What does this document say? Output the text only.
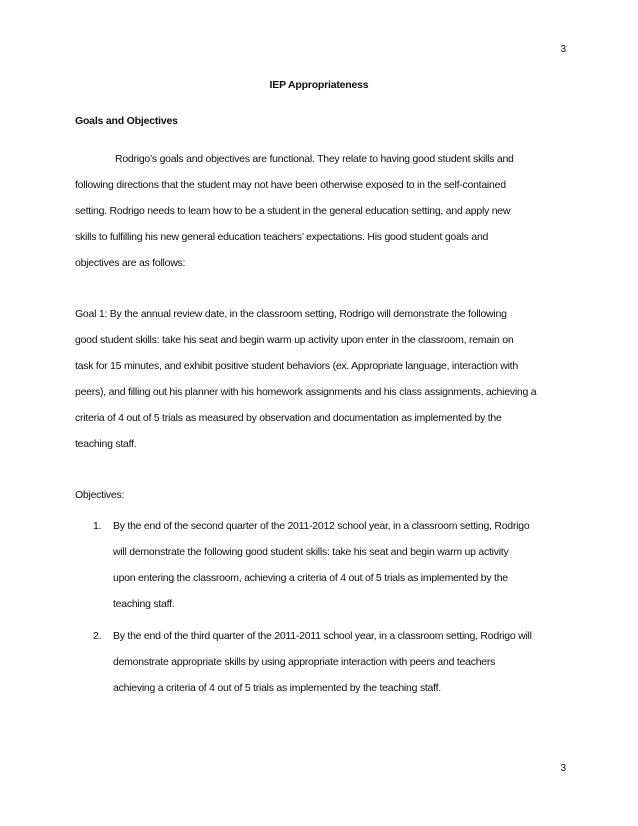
3
IEP Appropriateness
Goals and Objectives
Rodrigo’s goals and objectives are functional. They relate to having good student skills and
following directions that the student may not have been otherwise exposed to in the self-contained
setting. Rodrigo needs to learn how to be a student in the general education setting, and apply new
skills to fulfilling his new general education teachers’ expectations. His good student goals and
objectives are as follows:
Goal 1: By the annual review date, in the classroom setting, Rodrigo will demonstrate the following
good student skills: take his seat and begin warm up activity upon enter in the classroom, remain on
task for 15 minutes, and exhibit positive student behaviors (ex. Appropriate language, interaction with
peers), and filling out his planner with his homework assignments and his class assignments, achieving a
criteria of 4 out of 5 trials as measured by observation and documentation as implemented by the
teaching staff.
Objectives:
1. By the end of the second quarter of the 2011-2012 school year, in a classroom setting, Rodrigo
will demonstrate the following good student skills: take his seat and begin warm up activity
upon entering the classroom, achieving a criteria of 4 out of 5 trials as implemented by the
teaching staff.
2. By the end of the third quarter of the 2011-2011 school year, in a classroom setting, Rodrigo will
demonstrate appropriate skills by using appropriate interaction with peers and teachers
achieving a criteria of 4 out of 5 trials as implemented by the teaching staff.
3
